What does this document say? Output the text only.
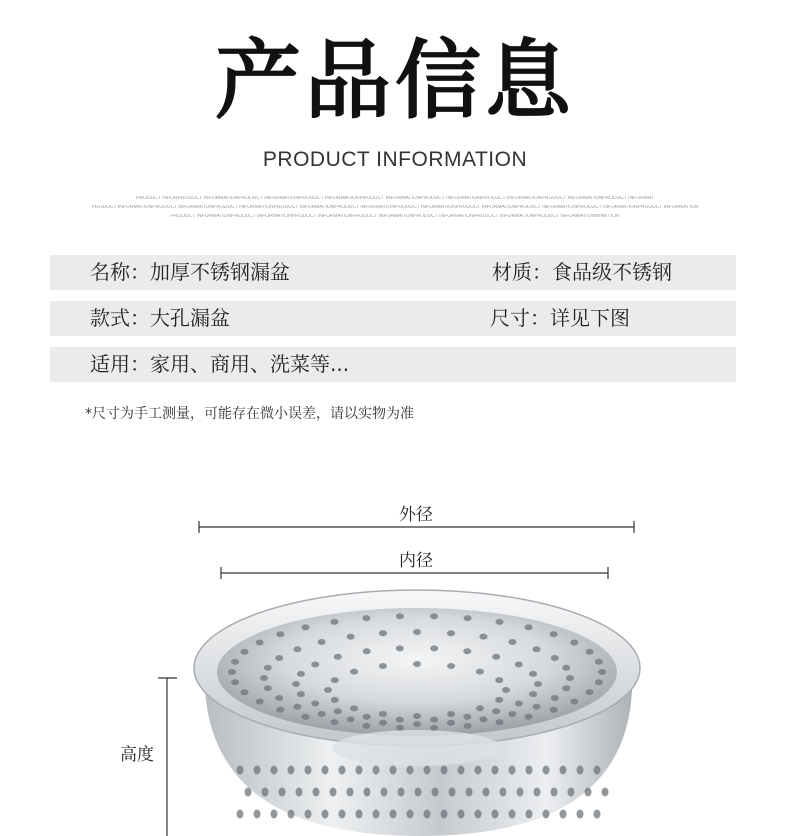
产品信息
PRODUCT INFORMATION
PRODUCT INFORPRODUCT INFORMATIONPRODUCT INFORMATIONPRODUCT INFORMATIONPRODUCT INFORMATIONPRODUCT INFORMATIONPRODUCT INFORMATIONPRODUCT INFORMATIONPRODUCT INFORMAT
PRODUCT INFORMATIONPRODUCT INFORMATIONPRODUCT INFORMATIONPRODUCT INFORMATIONPRODUCT INFORMATIONPRODUCT INFORMATIONPRODUCT INFORMATIONPRODUCT INFORMATIONPRODUCT INFORMATIONPRODUCT INFORMATION
PRODUCT INFORMATIONPRODUCT INFORMATIONPRODUCT INFORMATIONPRODUCT INFORMATIONPRODUCT INFORMATIONPRODUCT INFORMATIONPRODUCT INFORMATIONMINKTION
名称：加厚不锈钢漏盆	材质：食品级不锈钢
款式：大孔漏盆	尺寸：详见下图
适用：家用、商用、洗菜等...
*尺寸为手工测量，可能存在微小误差，请以实物为准
外径
内径
高度
